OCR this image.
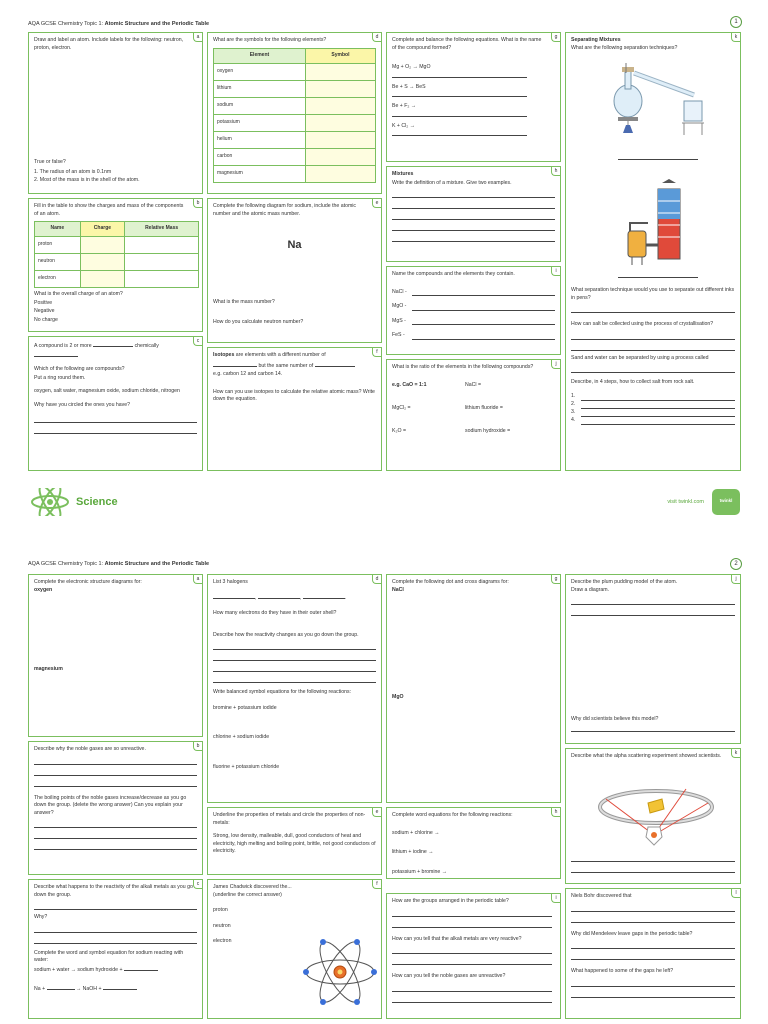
AQA GCSE Chemistry Topic 1: Atomic Structure and the Periodic Table	1
a
Draw and label an atom. Include labels for the following: neutron, proton, electron.
True or false?
1. The radius of an atom is 0.1nm
2. Most of the mass is in the shell of the atom.
b
Fill in the table to show the charges and mass of the components of an atom.
Name	Charge	Relative Mass
proton		
neutron		
electron		
What is the overall charge of an atom?
Positive
Negative
No charge
c
A compound is 2 or more	chemically

Which of the following are compounds?
Put a ring round them.
oxygen, salt water, magnesium oxide, sodium chloride, nitrogen
Why have you circled the ones you have?
d
What are the symbols for the following elements?
Element	Symbol
oxygen	
lithium	
sodium	
potassium	
helium	
carbon	
magnesium	
e
Complete the following diagram for sodium, include the atomic number and the atomic mass number.
Na
What is the mass number?
How do you calculate neutron number?
f
Isotopes are elements with a different number of
but the same number of
e.g. carbon 12 and carbon 14.
How can you use isotopes to calculate the relative atomic mass? Write down the equation.
g
Complete and balance the following equations. What is the name of the compound formed?
Mg + O₂ → MgO
Be + S → BeS
Be + F₂ →
K + Cl₂ →
h
Mixtures
Write the definition of a mixture. Give two examples.
i
Name the compounds and the elements they contain.
NaCl -
MgO -
MgS -
FeS -
j
What is the ratio of the elements in the following compounds?
e.g. CaO = 1:1	NaCl =
MgCl₂ =	lithium fluoride =
K₂O =	sodium hydroxide =
k
Separating Mixtures
What are the following separation techniques?
What separation technique would you use to separate out different inks in pens?
How can salt be collected using the process of crystallisation?
Sand and water can be separated by using a process called
Describe, in 4 steps, how to collect salt from rock salt.
1.
2.
3.
4.
Science	visit twinkl.com	twinkl
AQA GCSE Chemistry Topic 1: Atomic Structure and the Periodic Table	2
a
Complete the electronic structure diagrams for:
oxygen
magnesium
b
Describe why the noble gases are so unreactive.
The boiling points of the noble gases increase/decrease as you go down the group. (delete the wrong answer) Can you explain your answer?
c
Describe what happens to the reactivity of the alkali metals as you go down the group.
Why?
Complete the word and symbol equation for sodium reacting with water:
sodium + water → sodium hydroxide +
Na +	→ NaOH +
d
List 3 halogens
,	,	.
How many electrons do they have in their outer shell?
Describe how the reactivity changes as you go down the group.
Write balanced symbol equations for the following reactions:
bromine + potassium iodide
chlorine + sodium iodide
fluorine + potassium chloride
e
Underline the properties of metals and circle the properties of non-metals:
Strong, low density, malleable, dull, good conductors of heat and electricity, high melting and boiling point, brittle, not good conductors of electricity.
f
James Chadwick discovered the...
(underline the correct answer)
proton
neutron
electron
g
Complete the following dot and cross diagrams for:
NaCl
MgO
h
Complete word equations for the following reactions:
sodium + chlorine →
lithium + iodine →
potassium + bromine →
i
How are the groups arranged in the periodic table?
How can you tell that the alkali metals are very reactive?
How can you tell the noble gases are unreactive?
j
Describe the plum pudding model of the atom.
Draw a diagram.
Why did scientists believe this model?
k
Describe what the alpha scattering experiment showed scientists.
l
Niels Bohr discovered that
Why did Mendeleev leave gaps in the periodic table?
What happened to some of the gaps he left?
